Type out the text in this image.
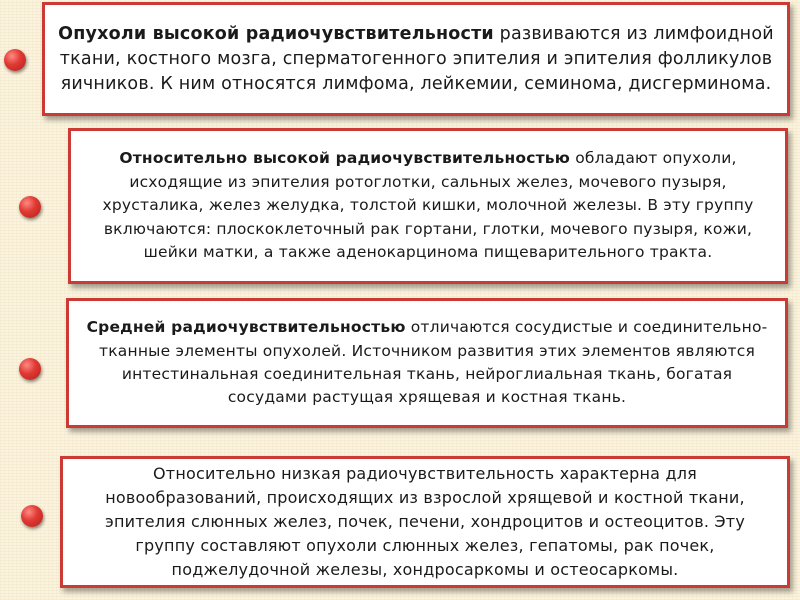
Опухоли высокой радиочувствительности развиваются из лимфоидной ткани, костного мозга, сперматогенного эпителия и эпителия фолликулов яичников. К ним относятся лимфома, лейкемии, семинома, дисгерминома.

Относительно высокой радиочувствительностью обладают опухоли, исходящие из эпителия ротоглотки, сальных желез, мочевого пузыря, хрусталика, желез желудка, толстой кишки, молочной железы. В эту группу включаются: плоскоклеточный рак гортани, глотки, мочевого пузыря, кожи, шейки матки, а также аденокарцинома пищеварительного тракта.

Средней радиочувствительностью отличаются сосудистые и соединительно-тканные элементы опухолей. Источником развития этих элементов являются интестинальная соединительная ткань, нейроглиальная ткань, богатая сосудами растущая хрящевая и костная ткань.

Относительно низкая радиочувствительность характерна для новообразований, происходящих из взрослой хрящевой и костной ткани, эпителия слюнных желез, почек, печени, хондроцитов и остеоцитов. Эту группу составляют опухоли слюнных желез, гепатомы, рак почек, поджелудочной железы, хондросаркомы и остеосаркомы.
